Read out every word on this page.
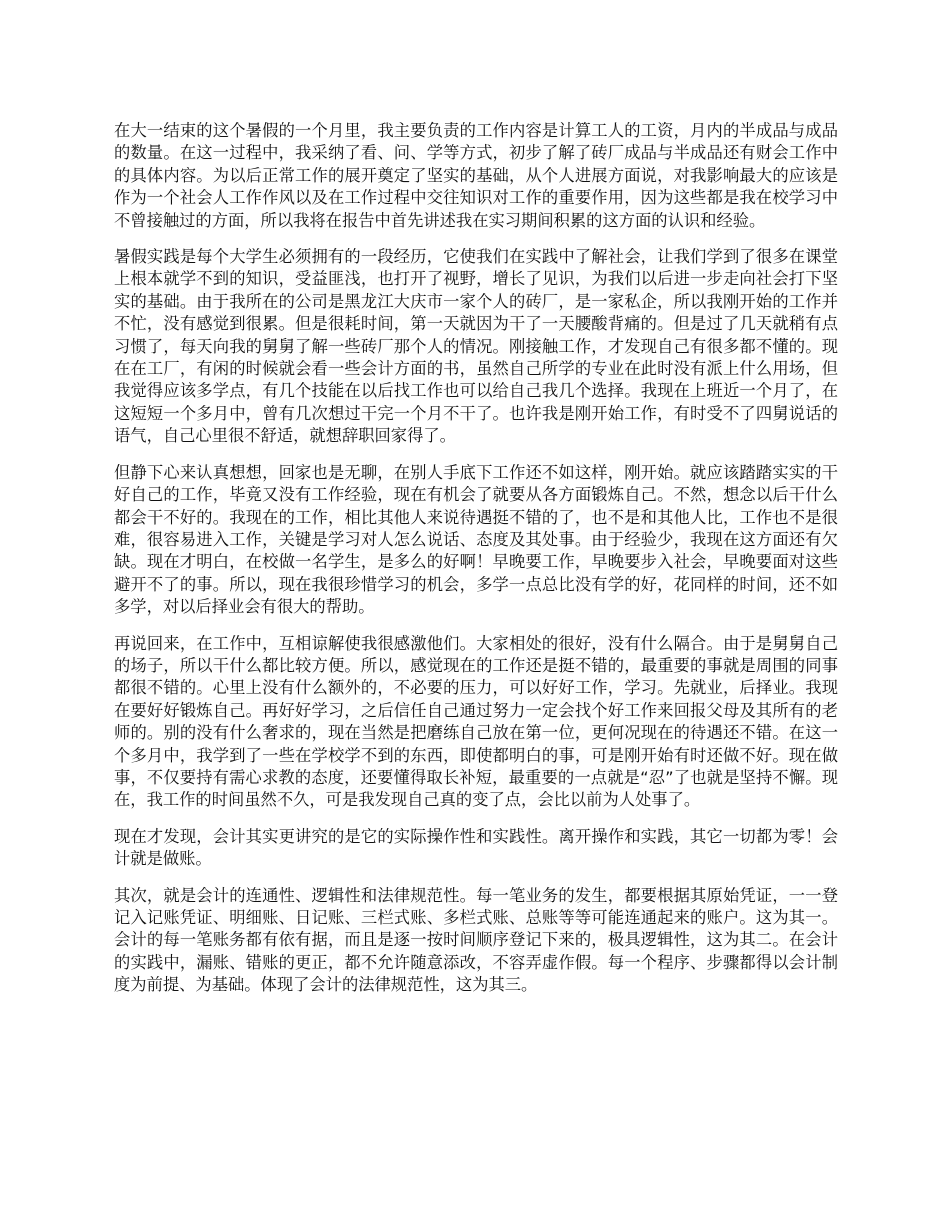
在大一结束的这个暑假的一个月里，我主要负责的工作内容是计算工人的工资，月内的半成品与成品的数量。在这一过程中，我采纳了看、问、学等方式，初步了解了砖厂成品与半成品还有财会工作中的具体内容。为以后正常工作的展开奠定了坚实的基础，从个人进展方面说，对我影响最大的应该是作为一个社会人工作作风以及在工作过程中交往知识对工作的重要作用，因为这些都是我在校学习中不曾接触过的方面，所以我将在报告中首先讲述我在实习期间积累的这方面的认识和经验。

暑假实践是每个大学生必须拥有的一段经历，它使我们在实践中了解社会，让我们学到了很多在课堂上根本就学不到的知识，受益匪浅，也打开了视野，增长了见识，为我们以后进一步走向社会打下坚实的基础。由于我所在的公司是黑龙江大庆市一家个人的砖厂，是一家私企，所以我刚开始的工作并不忙，没有感觉到很累。但是很耗时间，第一天就因为干了一天腰酸背痛的。但是过了几天就稍有点习惯了，每天向我的舅舅了解一些砖厂那个人的情况。刚接触工作，才发现自己有很多都不懂的。现在在工厂，有闲的时候就会看一些会计方面的书，虽然自己所学的专业在此时没有派上什么用场，但我觉得应该多学点，有几个技能在以后找工作也可以给自己我几个选择。我现在上班近一个月了，在这短短一个多月中，曾有几次想过干完一个月不干了。也许我是刚开始工作，有时受不了四舅说话的语气，自己心里很不舒适，就想辞职回家得了。

但静下心来认真想想，回家也是无聊，在别人手底下工作还不如这样，刚开始。就应该踏踏实实的干好自己的工作，毕竟又没有工作经验，现在有机会了就要从各方面锻炼自己。不然，想念以后干什么都会干不好的。我现在的工作，相比其他人来说待遇挺不错的了，也不是和其他人比，工作也不是很难，很容易进入工作，关键是学习对人怎么说话、态度及其处事。由于经验少，我现在这方面还有欠缺。现在才明白，在校做一名学生，是多么的好啊！早晚要工作，早晚要步入社会，早晚要面对这些避开不了的事。所以，现在我很珍惜学习的机会，多学一点总比没有学的好，花同样的时间，还不如多学，对以后择业会有很大的帮助。

再说回来，在工作中，互相谅解使我很感激他们。大家相处的很好，没有什么隔合。由于是舅舅自己的场子，所以干什么都比较方便。所以，感觉现在的工作还是挺不错的，最重要的事就是周围的同事都很不错的。心里上没有什么额外的，不必要的压力，可以好好工作，学习。先就业，后择业。我现在要好好锻炼自己。再好好学习，之后信任自己通过努力一定会找个好工作来回报父母及其所有的老师的。别的没有什么奢求的，现在当然是把磨练自己放在第一位，更何况现在的待遇还不错。在这一个多月中，我学到了一些在学校学不到的东西，即使都明白的事，可是刚开始有时还做不好。现在做事，不仅要持有需心求教的态度，还要懂得取长补短，最重要的一点就是“忍”了也就是坚持不懈。现在，我工作的时间虽然不久，可是我发现自己真的变了点，会比以前为人处事了。

现在才发现，会计其实更讲究的是它的实际操作性和实践性。离开操作和实践，其它一切都为零！会计就是做账。

其次，就是会计的连通性、逻辑性和法律规范性。每一笔业务的发生，都要根据其原始凭证，一一登记入记账凭证、明细账、日记账、三栏式账、多栏式账、总账等等可能连通起来的账户。这为其一。会计的每一笔账务都有依有据，而且是逐一按时间顺序登记下来的，极具逻辑性，这为其二。在会计的实践中，漏账、错账的更正，都不允许随意添改，不容弄虚作假。每一个程序、步骤都得以会计制度为前提、为基础。体现了会计的法律规范性，这为其三。
